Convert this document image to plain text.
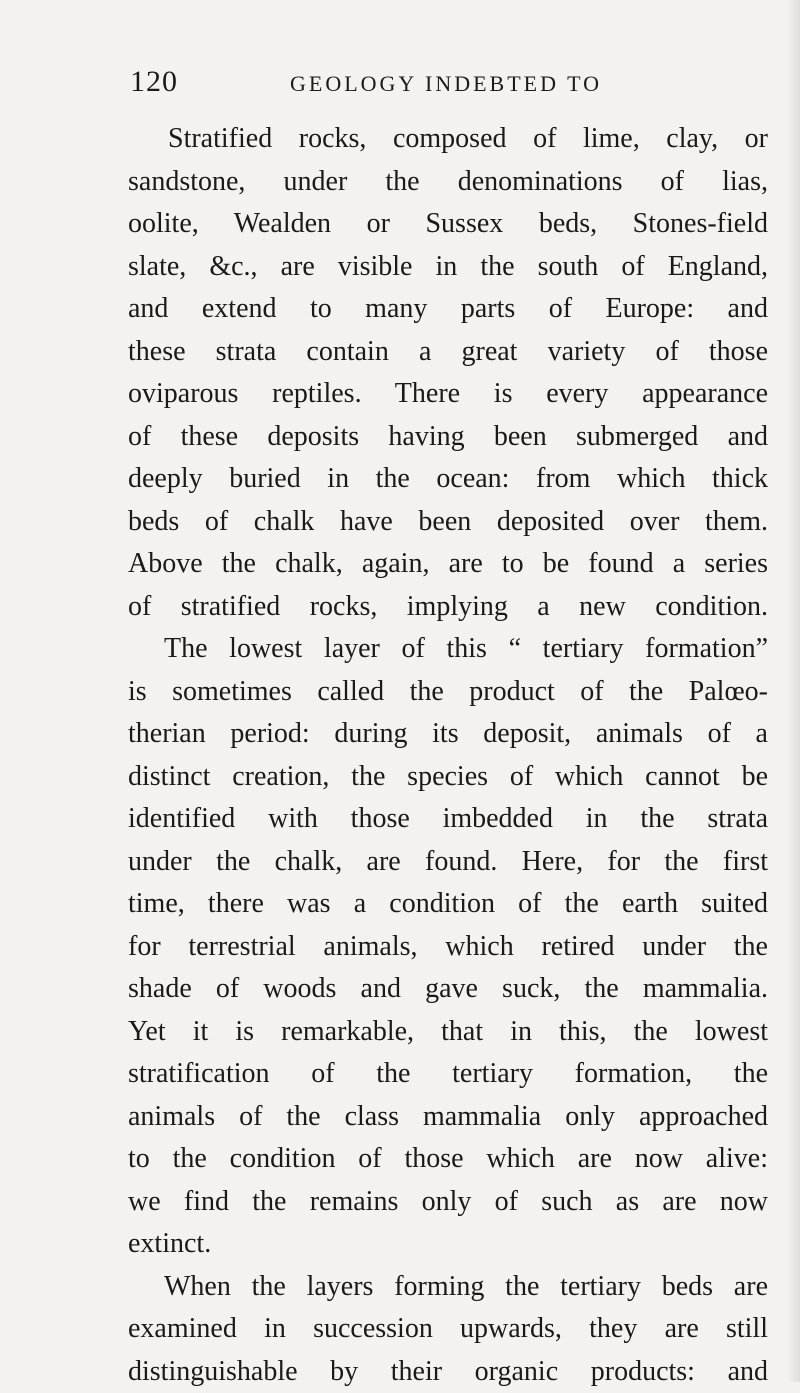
120	GEOLOGY INDEBTED TO
Stratified rocks, composed of lime, clay, or
sandstone, under the denominations of lias,
oolite, Wealden or Sussex beds, Stones-field
slate, &c., are visible in the south of England,
and extend to many parts of Europe: and
these strata contain a great variety of those
oviparous reptiles. There is every appearance
of these deposits having been submerged and
deeply buried in the ocean: from which thick
beds of chalk have been deposited over them.
Above the chalk, again, are to be found a series
of stratified rocks, implying a new condition.
The lowest layer of this “ tertiary formation”
is sometimes called the product of the Palœo-
therian period: during its deposit, animals of a
distinct creation, the species of which cannot be
identified with those imbedded in the strata
under the chalk, are found. Here, for the first
time, there was a condition of the earth suited
for terrestrial animals, which retired under the
shade of woods and gave suck, the mammalia.
Yet it is remarkable, that in this, the lowest
stratification of the tertiary formation, the
animals of the class mammalia only approached
to the condition of those which are now alive:
we find the remains only of such as are now
extinct.
When the layers forming the tertiary beds are
examined in succession upwards, they are still
distinguishable by their organic products: and
